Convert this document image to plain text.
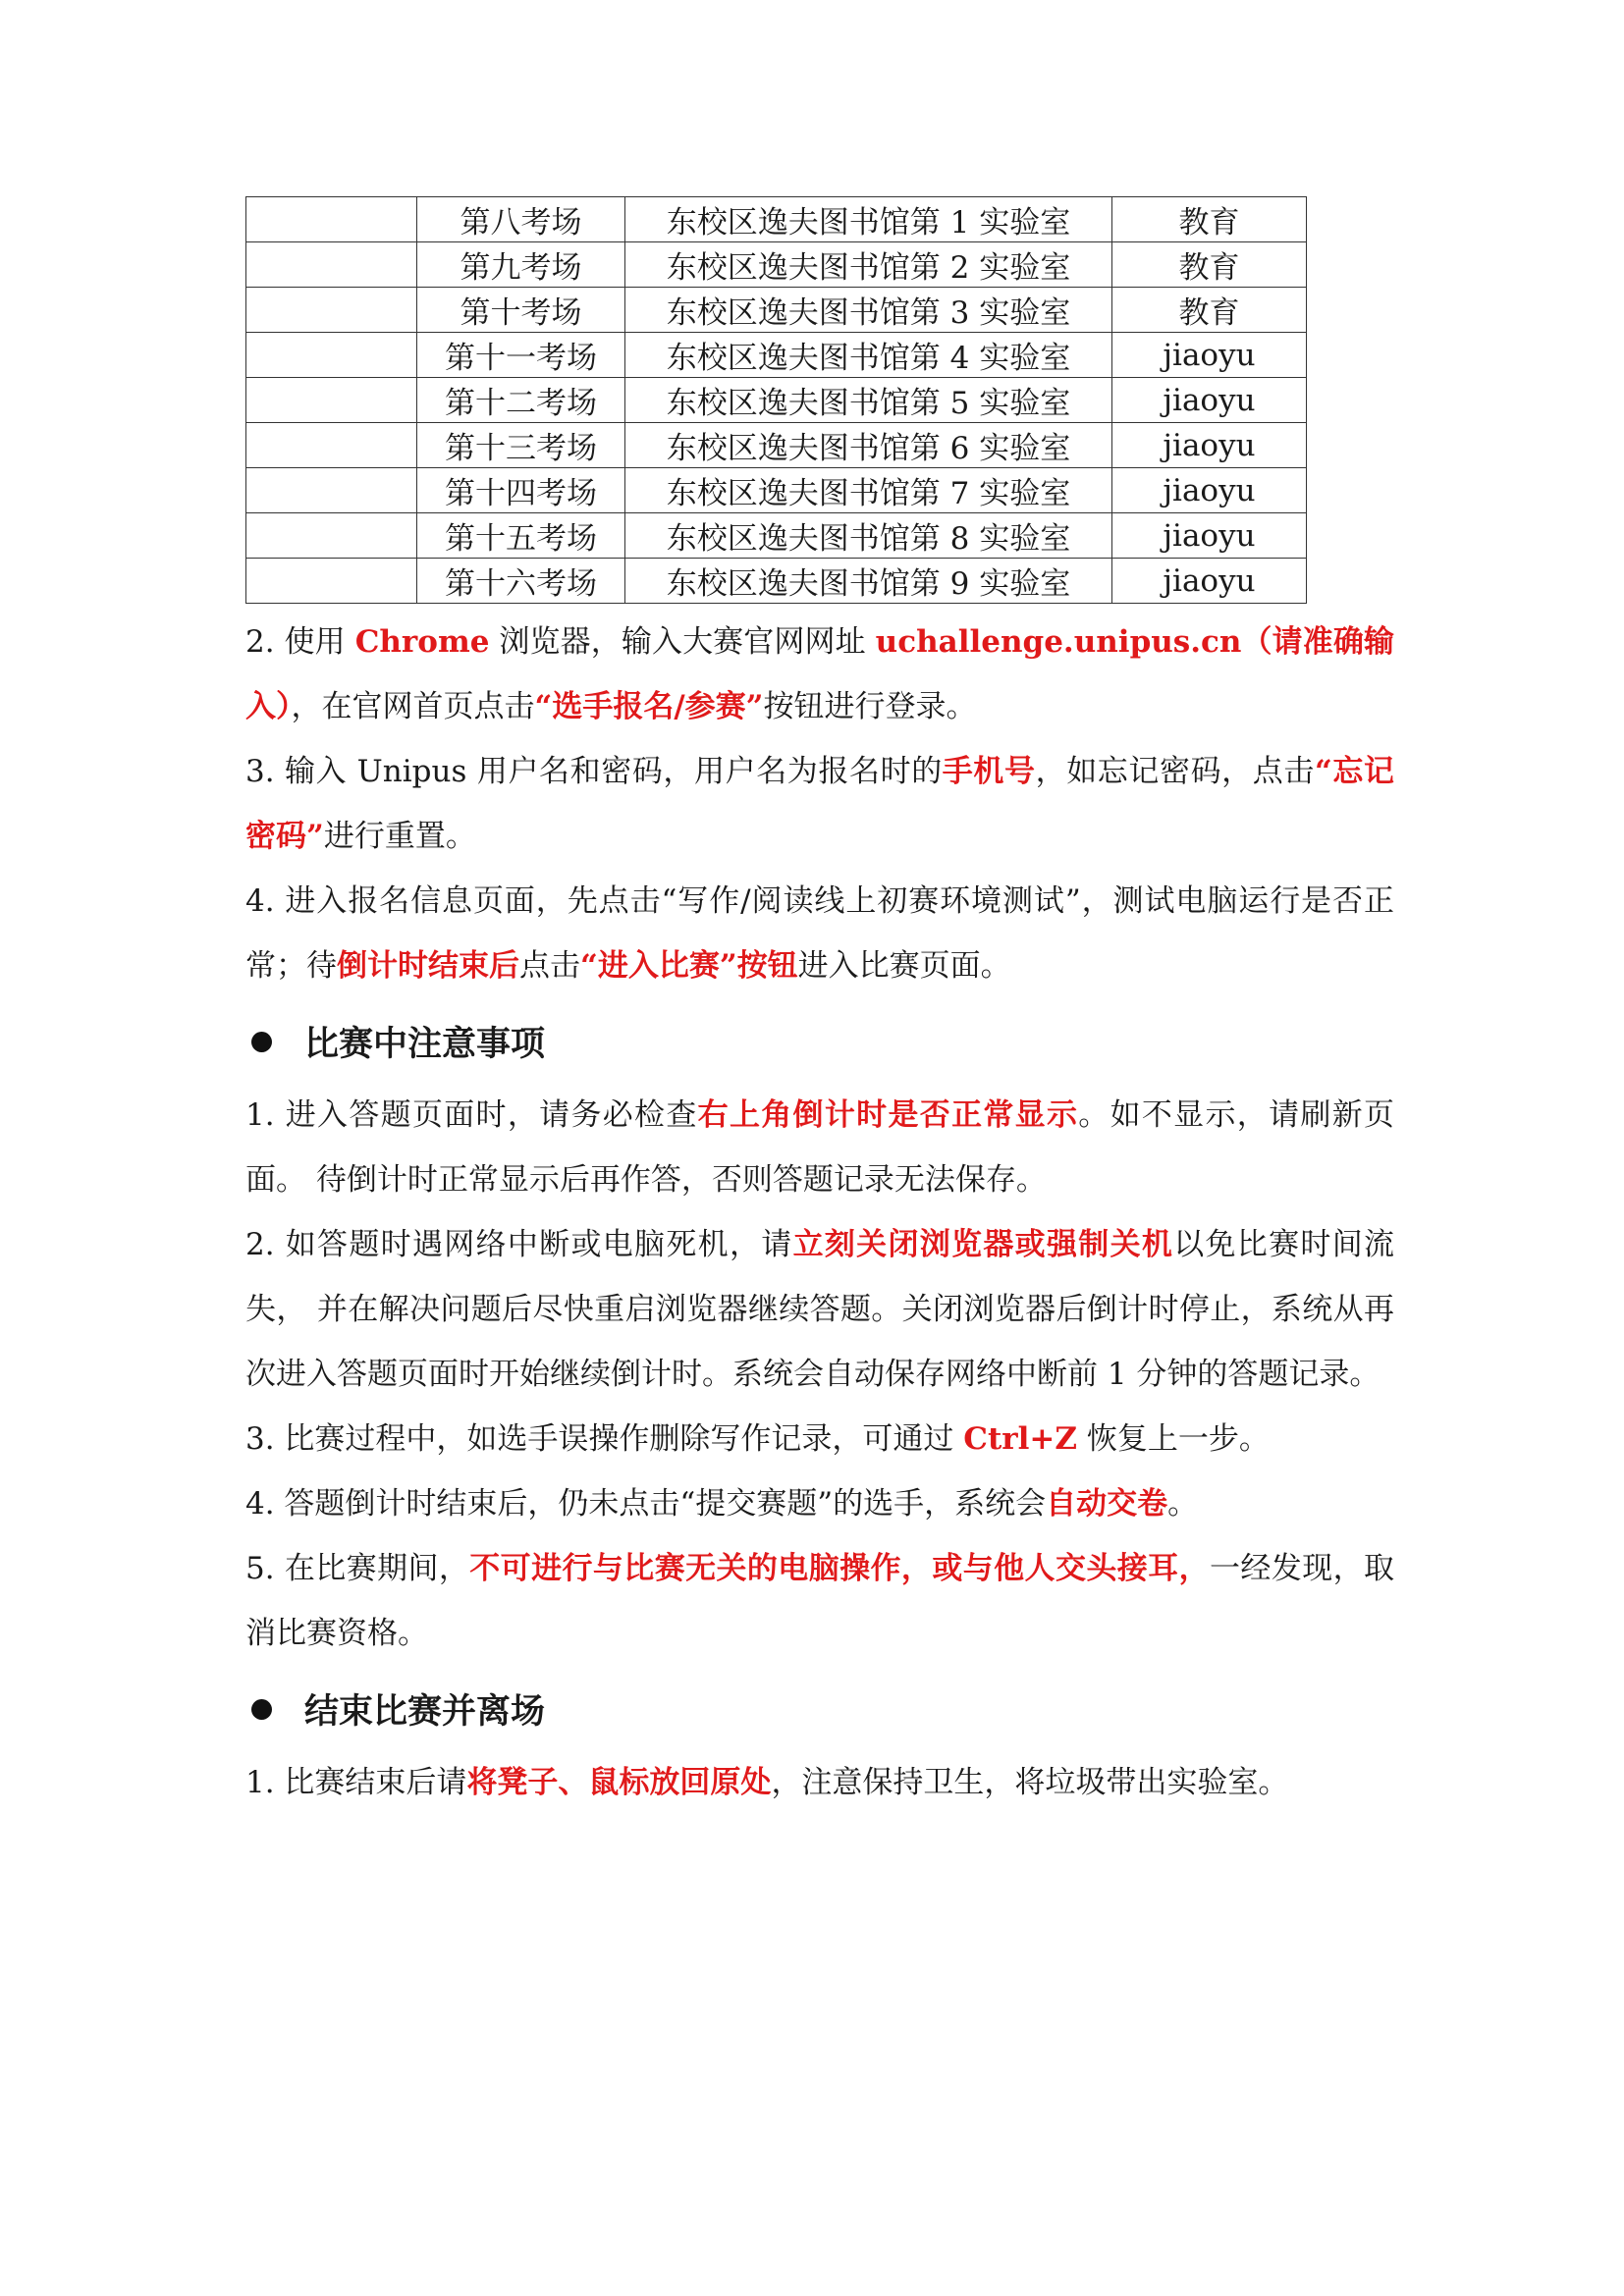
	第八考场	东校区逸夫图书馆第 1 实验室	教育
	第九考场	东校区逸夫图书馆第 2 实验室	教育
	第十考场	东校区逸夫图书馆第 3 实验室	教育
	第十一考场	东校区逸夫图书馆第 4 实验室	jiaoyu
	第十二考场	东校区逸夫图书馆第 5 实验室	jiaoyu
	第十三考场	东校区逸夫图书馆第 6 实验室	jiaoyu
	第十四考场	东校区逸夫图书馆第 7 实验室	jiaoyu
	第十五考场	东校区逸夫图书馆第 8 实验室	jiaoyu
	第十六考场	东校区逸夫图书馆第 9 实验室	jiaoyu

2. 使用 Chrome 浏览器，输入大赛官网网址 uchallenge.unipus.cn（请准确输入），在官网首页点击“选手报名/参赛”按钮进行登录。

3. 输入 Unipus 用户名和密码，用户名为报名时的手机号，如忘记密码，点击“忘记密码”进行重置。

4. 进入报名信息页面，先点击“写作/阅读线上初赛环境测试”，测试电脑运行是否正常；待倒计时结束后点击“进入比赛”按钮进入比赛页面。

比赛中注意事项

1. 进入答题页面时，请务必检查右上角倒计时是否正常显示。如不显示，请刷新页面。 待倒计时正常显示后再作答，否则答题记录无法保存。

2. 如答题时遇网络中断或电脑死机，请立刻关闭浏览器或强制关机以免比赛时间流失， 并在解决问题后尽快重启浏览器继续答题。关闭浏览器后倒计时停止，系统从再次进入答题页面时开始继续倒计时。系统会自动保存网络中断前 1 分钟的答题记录。

3. 比赛过程中，如选手误操作删除写作记录，可通过 Ctrl+Z 恢复上一步。

4. 答题倒计时结束后，仍未点击“提交赛题”的选手，系统会自动交卷。

5. 在比赛期间，不可进行与比赛无关的电脑操作，或与他人交头接耳，一经发现，取消比赛资格。

结束比赛并离场

1. 比赛结束后请将凳子、鼠标放回原处，注意保持卫生，将垃圾带出实验室。
